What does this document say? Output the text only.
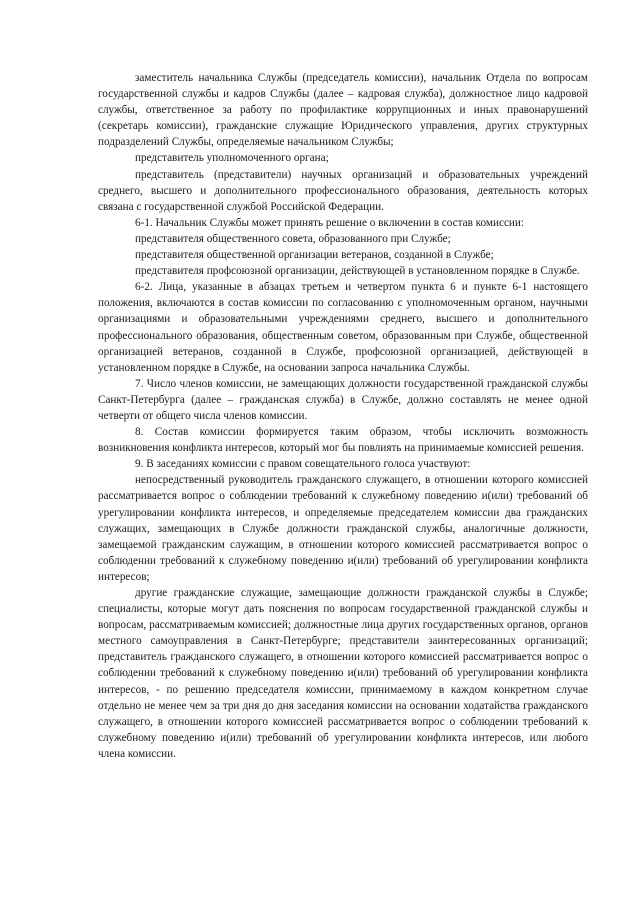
заместитель начальника Службы (председатель комиссии), начальник Отдела по вопросам государственной службы и кадров Службы (далее – кадровая служба), должностное лицо кадровой службы, ответственное за работу по профилактике коррупционных и иных правонарушений (секретарь комиссии), гражданские служащие Юридического управления, других структурных подразделений Службы, определяемые начальником Службы;

представитель уполномоченного органа;

представитель (представители) научных организаций и образовательных учреждений среднего, высшего и дополнительного профессионального образования, деятельность которых связана с государственной службой Российской Федерации.

6-1. Начальник Службы может принять решение о включении в состав комиссии:

представителя общественного совета, образованного при Службе;

представителя общественной организации ветеранов, созданной в Службе;

представителя профсоюзной организации, действующей в установленном порядке в Службе.

6-2. Лица, указанные в абзацах третьем и четвертом пункта 6 и пункте 6-1 настоящего положения, включаются в состав комиссии по согласованию с уполномоченным органом, научными организациями и образовательными учреждениями среднего, высшего и дополнительного профессионального образования, общественным советом, образованным при Службе, общественной организацией ветеранов, созданной в Службе, профсоюзной организацией, действующей в установленном порядке в Службе, на основании запроса начальника Службы.

7. Число членов комиссии, не замещающих должности государственной гражданской службы Санкт-Петербурга (далее – гражданская служба) в Службе, должно составлять не менее одной четверти от общего числа членов комиссии.

8. Состав комиссии формируется таким образом, чтобы исключить возможность возникновения конфликта интересов, который мог бы повлиять на принимаемые комиссией решения.

9. В заседаниях комиссии с правом совещательного голоса участвуют:

непосредственный руководитель гражданского служащего, в отношении которого комиссией рассматривается вопрос о соблюдении требований к служебному поведению и(или) требований об урегулировании конфликта интересов, и определяемые председателем комиссии два гражданских служащих, замещающих в Службе должности гражданской службы, аналогичные должности, замещаемой гражданским служащим, в отношении которого комиссией рассматривается вопрос о соблюдении требований к служебному поведению и(или) требований об урегулировании конфликта интересов;

другие гражданские служащие, замещающие должности гражданской службы в Службе; специалисты, которые могут дать пояснения по вопросам государственной гражданской службы и вопросам, рассматриваемым комиссией; должностные лица других государственных органов, органов местного самоуправления в Санкт-Петербурге; представители заинтересованных организаций; представитель гражданского служащего, в отношении которого комиссией рассматривается вопрос о соблюдении требований к служебному поведению и(или) требований об урегулировании конфликта интересов, - по решению председателя комиссии, принимаемому в каждом конкретном случае отдельно не менее чем за три дня до дня заседания комиссии на основании ходатайства гражданского служащего, в отношении которого комиссией рассматривается вопрос о соблюдении требований к служебному поведению и(или) требований об урегулировании конфликта интересов, или любого члена комиссии.
